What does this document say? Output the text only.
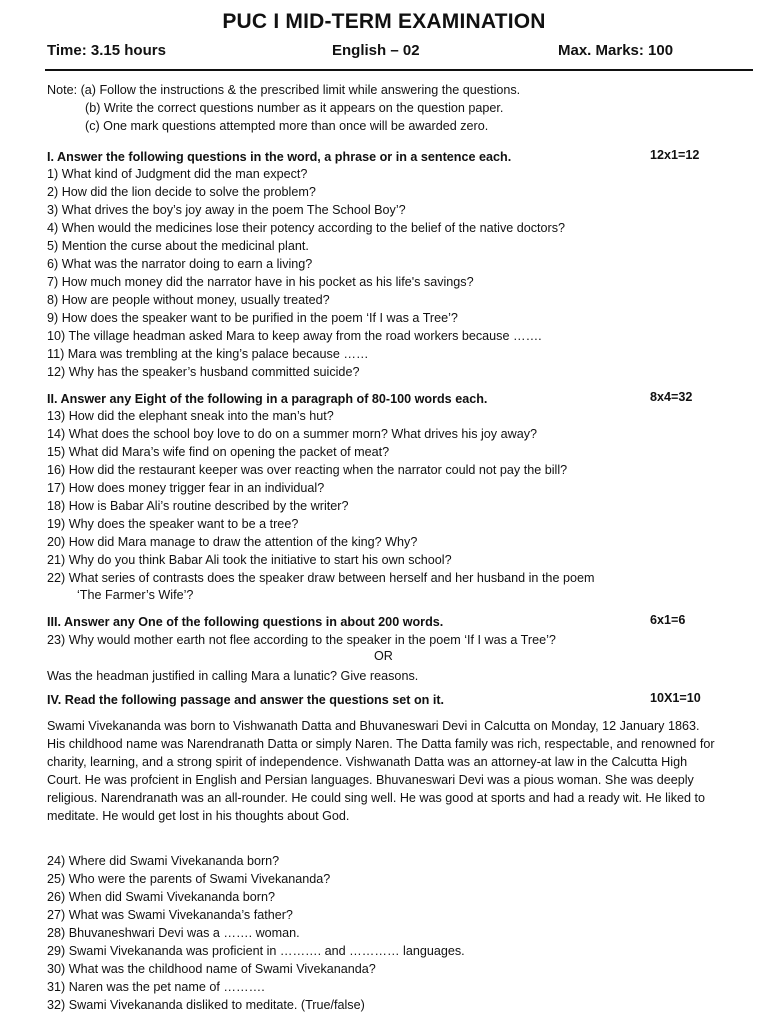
PUC I MID-TERM EXAMINATION
Time: 3.15 hours	English – 02	Max. Marks: 100
Note: (a) Follow the instructions & the prescribed limit while answering the questions.
(b) Write the correct questions number as it appears on the question paper.
(c) One mark questions attempted more than once will be awarded zero.
I. Answer the following questions in the word, a phrase or in a sentence each.	12x1=12
1) What kind of Judgment did the man expect?
2) How did the lion decide to solve the problem?
3) What drives the boy’s joy away in the poem The School Boy’?
4) When would the medicines lose their potency according to the belief of the native doctors?
5) Mention the curse about the medicinal plant.
6) What was the narrator doing to earn a living?
7) How much money did the narrator have in his pocket as his life's savings?
8) How are people without money, usually treated?
9) How does the speaker want to be purified in the poem ‘If I was a Tree’?
10) The village headman asked Mara to keep away from the road workers because …….
11) Mara was trembling at the king’s palace because ……
12) Why has the speaker’s husband committed suicide?
II. Answer any Eight of the following in a paragraph of 80-100 words each.	8x4=32
13) How did the elephant sneak into the man’s hut?
14) What does the school boy love to do on a summer morn? What drives his joy away?
15) What did Mara’s wife find on opening the packet of meat?
16) How did the restaurant keeper was over reacting when the narrator could not pay the bill?
17) How does money trigger fear in an individual?
18) How is Babar Ali’s routine described by the writer?
19) Why does the speaker want to be a tree?
20) How did Mara manage to draw the attention of the king? Why?
21) Why do you think Babar Ali took the initiative to start his own school?
22) What series of contrasts does the speaker draw between herself and her husband in the poem
‘The Farmer’s Wife’?
III. Answer any One of the following questions in about 200 words.	6x1=6
23) Why would mother earth not flee according to the speaker in the poem ‘If I was a Tree’?
OR
Was the headman justified in calling Mara a lunatic? Give reasons.
IV. Read the following passage and answer the questions set on it.	10X1=10
Swami Vivekananda was born to Vishwanath Datta and Bhuvaneswari Devi in Calcutta on Monday, 12 January 1863. His childhood name was Narendranath Datta or simply Naren. The Datta family was rich, respectable, and renowned for charity, learning, and a strong spirit of independence. Vishwanath Datta was an attorney-at law in the Calcutta High Court. He was profcient in English and Persian languages. Bhuvaneswari Devi was a pious woman. She was deeply religious. Narendranath was an all-rounder. He could sing well. He was good at sports and had a ready wit. He liked to meditate. He would get lost in his thoughts about God.
24) Where did Swami Vivekananda born?
25) Who were the parents of Swami Vivekananda?
26) When did Swami Vivekananda born?
27) What was Swami Vivekananda’s father?
28) Bhuvaneshwari Devi was a ……. woman.
29) Swami Vivekananda was proficient in ………. and ………… languages.
30) What was the childhood name of Swami Vivekananda?
31) Naren was the pet name of ……….
32) Swami Vivekananda disliked to meditate. (True/false)
